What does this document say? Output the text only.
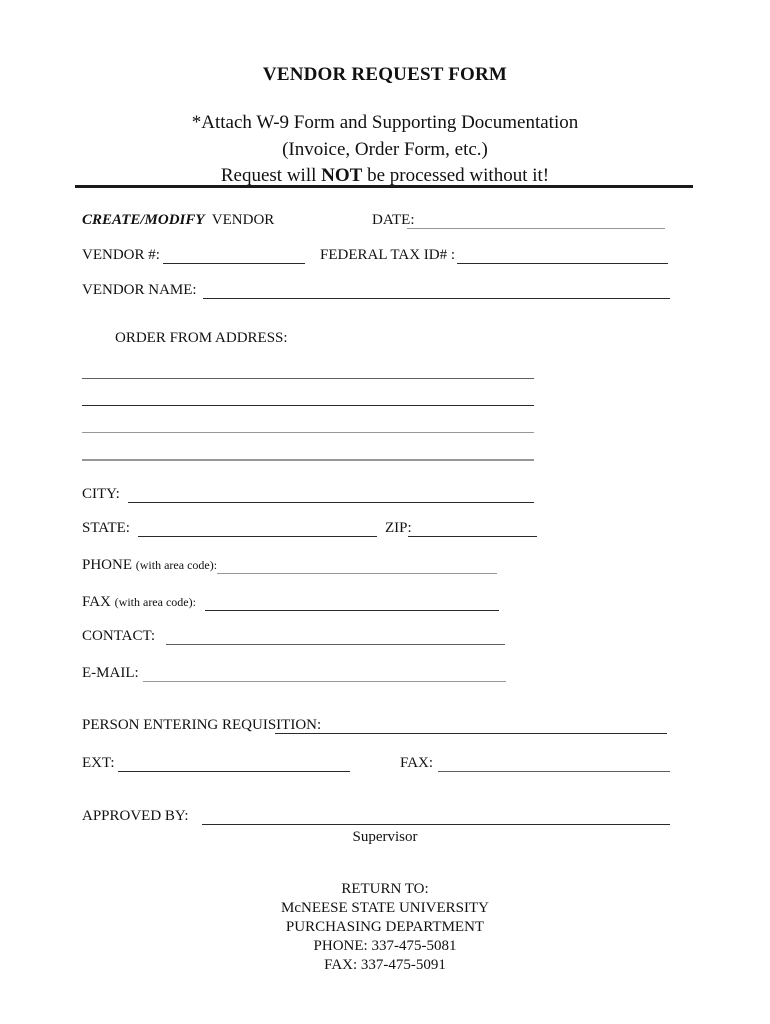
VENDOR REQUEST FORM
*Attach W-9 Form and Supporting Documentation
(Invoice, Order Form, etc.)
Request will NOT be processed without it!
CREATE/MODIFY VENDOR	DATE:
VENDOR #:	FEDERAL TAX ID# :
VENDOR NAME:
ORDER FROM ADDRESS:
CITY:
STATE:	ZIP:
PHONE (with area code):
FAX (with area code):
CONTACT:
E-MAIL:
PERSON ENTERING REQUISITION:
EXT:	FAX:
APPROVED BY:
Supervisor
RETURN TO:
McNEESE STATE UNIVERSITY
PURCHASING DEPARTMENT
PHONE: 337-475-5081
FAX: 337-475-5091
